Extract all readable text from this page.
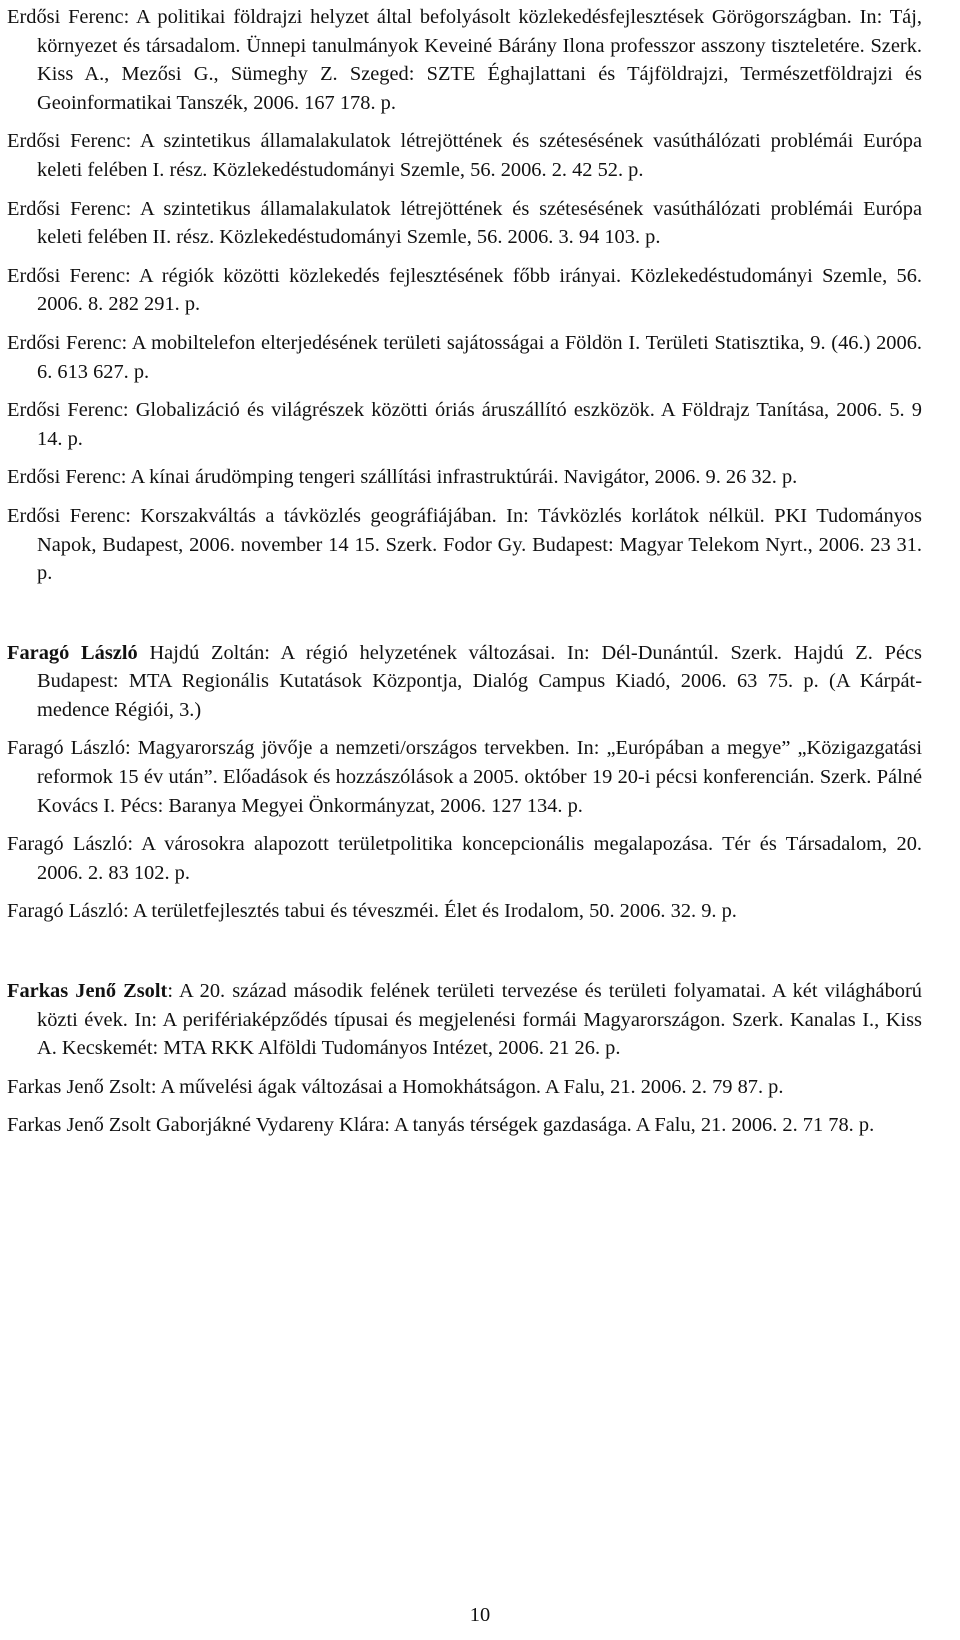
Erdősi Ferenc: A politikai földrajzi helyzet által befolyásolt közlekedésfejlesztések Görögországban. In: Táj, környezet és társadalom. Ünnepi tanulmányok Keveiné Bárány Ilona professzor asszony tiszteletére. Szerk. Kiss A., Mezősi G., Sümeghy Z. Szeged: SZTE Éghajlattani és Tájföldrajzi, Természetföldrajzi és Geoinformatikai Tanszék, 2006. 167 178. p.

Erdősi Ferenc: A szintetikus államalakulatok létrejöttének és szétesésének vasúthálózati problémái Európa keleti felében I. rész. Közlekedéstudományi Szemle, 56. 2006. 2. 42 52. p.

Erdősi Ferenc: A szintetikus államalakulatok létrejöttének és szétesésének vasúthálózati problémái Európa keleti felében II. rész. Közlekedéstudományi Szemle, 56. 2006. 3. 94 103. p.

Erdősi Ferenc: A régiók közötti közlekedés fejlesztésének főbb irányai. Közlekedéstudományi Szemle, 56. 2006. 8. 282 291. p.

Erdősi Ferenc: A mobiltelefon elterjedésének területi sajátosságai a Földön I. Területi Statisztika, 9. (46.) 2006. 6. 613 627. p.

Erdősi Ferenc: Globalizáció és világrészek közötti óriás áruszállító eszközök. A Földrajz Tanítása, 2006. 5. 9 14. p.

Erdősi Ferenc: A kínai árudömping tengeri szállítási infrastruktúrái. Navigátor, 2006. 9. 26 32. p.

Erdősi Ferenc: Korszakváltás a távközlés geográfiájában. In: Távközlés korlátok nélkül. PKI Tudományos Napok, Budapest, 2006. november 14 15. Szerk. Fodor Gy. Budapest: Magyar Telekom Nyrt., 2006. 23 31. p.

Faragó László Hajdú Zoltán: A régió helyzetének változásai. In: Dél-Dunántúl. Szerk. Hajdú Z. Pécs Budapest: MTA Regionális Kutatások Központja, Dialóg Campus Kiadó, 2006. 63 75. p. (A Kárpát-medence Régiói, 3.)

Faragó László: Magyarország jövője a nemzeti/országos tervekben. In: „Európában a megye” „Közigazgatási reformok 15 év után”. Előadások és hozzászólások a 2005. október 19 20-i pécsi konferencián. Szerk. Pálné Kovács I. Pécs: Baranya Megyei Önkormányzat, 2006. 127 134. p.

Faragó László: A városokra alapozott területpolitika koncepcionális megalapozása. Tér és Társadalom, 20. 2006. 2. 83 102. p.

Faragó László: A területfejlesztés tabui és téveszméi. Élet és Irodalom, 50. 2006. 32. 9. p.

Farkas Jenő Zsolt: A 20. század második felének területi tervezése és területi folyamatai. A két világháború közti évek. In: A perifériaképződés típusai és megjelenési formái Magyarországon. Szerk. Kanalas I., Kiss A. Kecskemét: MTA RKK Alföldi Tudományos Intézet, 2006. 21 26. p.

Farkas Jenő Zsolt: A művelési ágak változásai a Homokhátságon. A Falu, 21. 2006. 2. 79 87. p.

Farkas Jenő Zsolt Gaborjákné Vydareny Klára: A tanyás térségek gazdasága. A Falu, 21. 2006. 2. 71 78. p.

10
